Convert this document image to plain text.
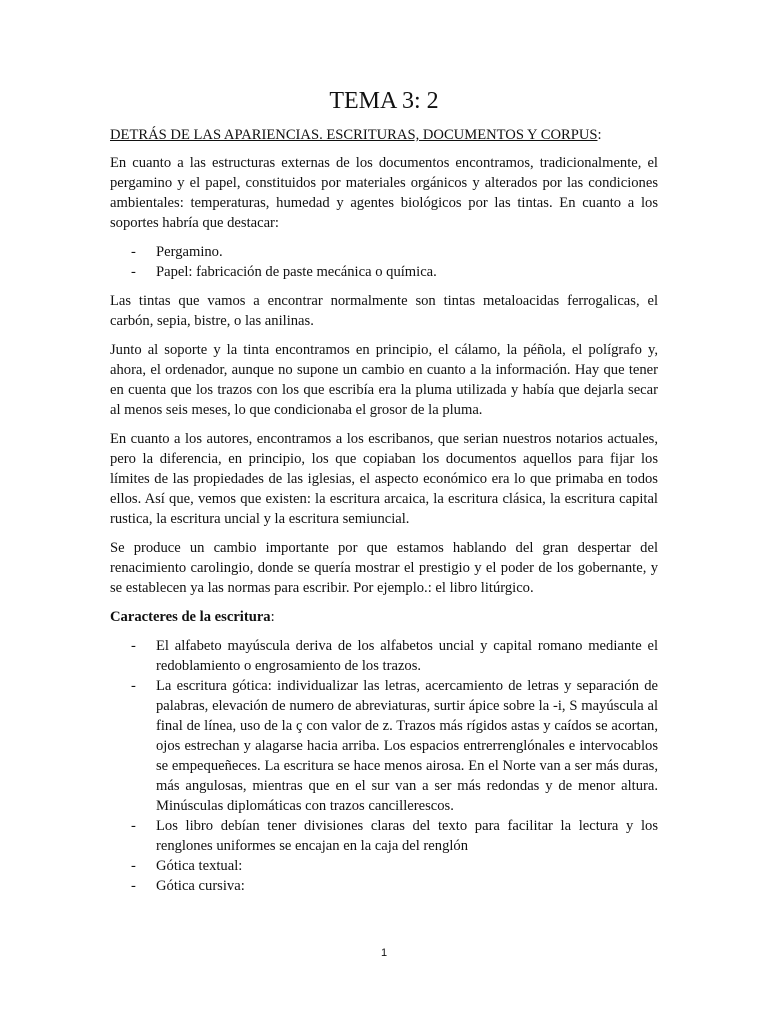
TEMA 3: 2
DETRÁS DE LAS APARIENCIAS. ESCRITURAS, DOCUMENTOS Y CORPUS:

En cuanto a las estructuras externas de los documentos encontramos, tradicionalmente, el pergamino y el papel, constituidos por materiales orgánicos y alterados por las condiciones ambientales: temperaturas, humedad y agentes biológicos por las tintas. En cuanto a los soportes habría que destacar:

- Pergamino.
- Papel: fabricación de paste mecánica o química.

Las tintas que vamos a encontrar normalmente son tintas metaloacidas ferrogalicas, el carbón, sepia, bistre, o las anilinas.

Junto al soporte y la tinta encontramos en principio, el cálamo, la péñola, el polígrafo y, ahora, el ordenador, aunque no supone un cambio en cuanto a la información. Hay que tener en cuenta que los trazos con los que escribía era la pluma utilizada y había que dejarla secar al menos seis meses, lo que condicionaba el grosor de la pluma.

En cuanto a los autores, encontramos a los escribanos, que serian nuestros notarios actuales, pero la diferencia, en principio, los que copiaban los documentos aquellos para fijar los límites de las propiedades de las iglesias, el aspecto económico era lo que primaba en todos ellos. Así que, vemos que existen: la escritura arcaica, la escritura clásica, la escritura capital rustica, la escritura uncial y la escritura semiuncial.

Se produce un cambio importante por que estamos hablando del gran despertar del renacimiento carolingio, donde se quería mostrar el prestigio y el poder de los gobernante, y se establecen ya las normas para escribir. Por ejemplo.: el libro litúrgico.

Caracteres de la escritura:
- El alfabeto mayúscula deriva de los alfabetos uncial y capital romano mediante el redoblamiento o engrosamiento de los trazos.
- La escritura gótica: individualizar las letras, acercamiento de letras y separación de palabras, elevación de numero de abreviaturas, surtir ápice sobre la -i, S mayúscula al final de línea, uso de la ç con valor de z. Trazos más rígidos astas y caídos se acortan, ojos estrechan y alagarse hacia arriba. Los espacios entrerrenglónales e intervocablos se empequeñeces. La escritura se hace menos airosa. En el Norte van a ser más duras, más angulosas, mientras que en el sur van a ser más redondas y de menor altura. Minúsculas diplomáticas con trazos cancillerescos.
- Los libro debían tener divisiones claras del texto para facilitar la lectura y los renglones uniformes se encajan en la caja del renglón
- Gótica textual:
- Gótica cursiva:
1
